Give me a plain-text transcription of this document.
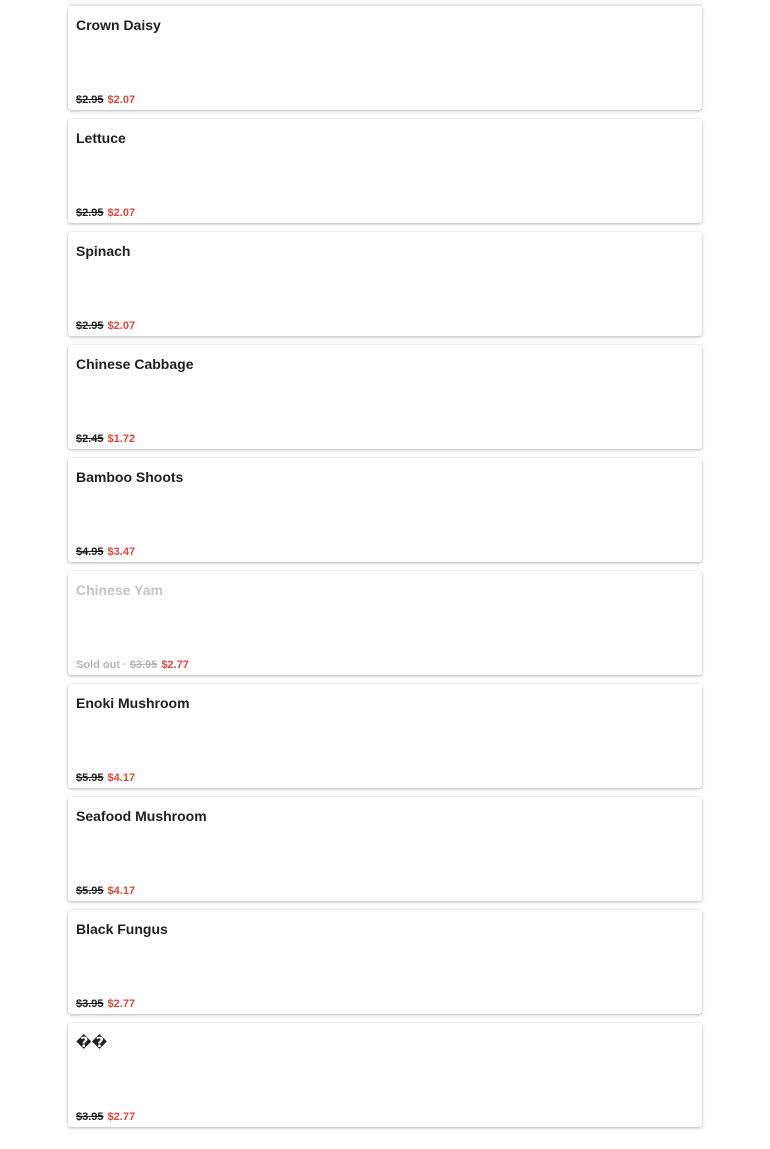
Crown Daisy
$2.95 $2.07
Lettuce
$2.95 $2.07
Spinach
$2.95 $2.07
Chinese Cabbage
$2.45 $1.72
Bamboo Shoots
$4.95 $3.47
Chinese Yam
Sold out · $3.95 $2.77
Enoki Mushroom
$5.95 $4.17
Seafood Mushroom
$5.95 $4.17
Black Fungus
$3.95 $2.77
��
$3.95 $2.77
